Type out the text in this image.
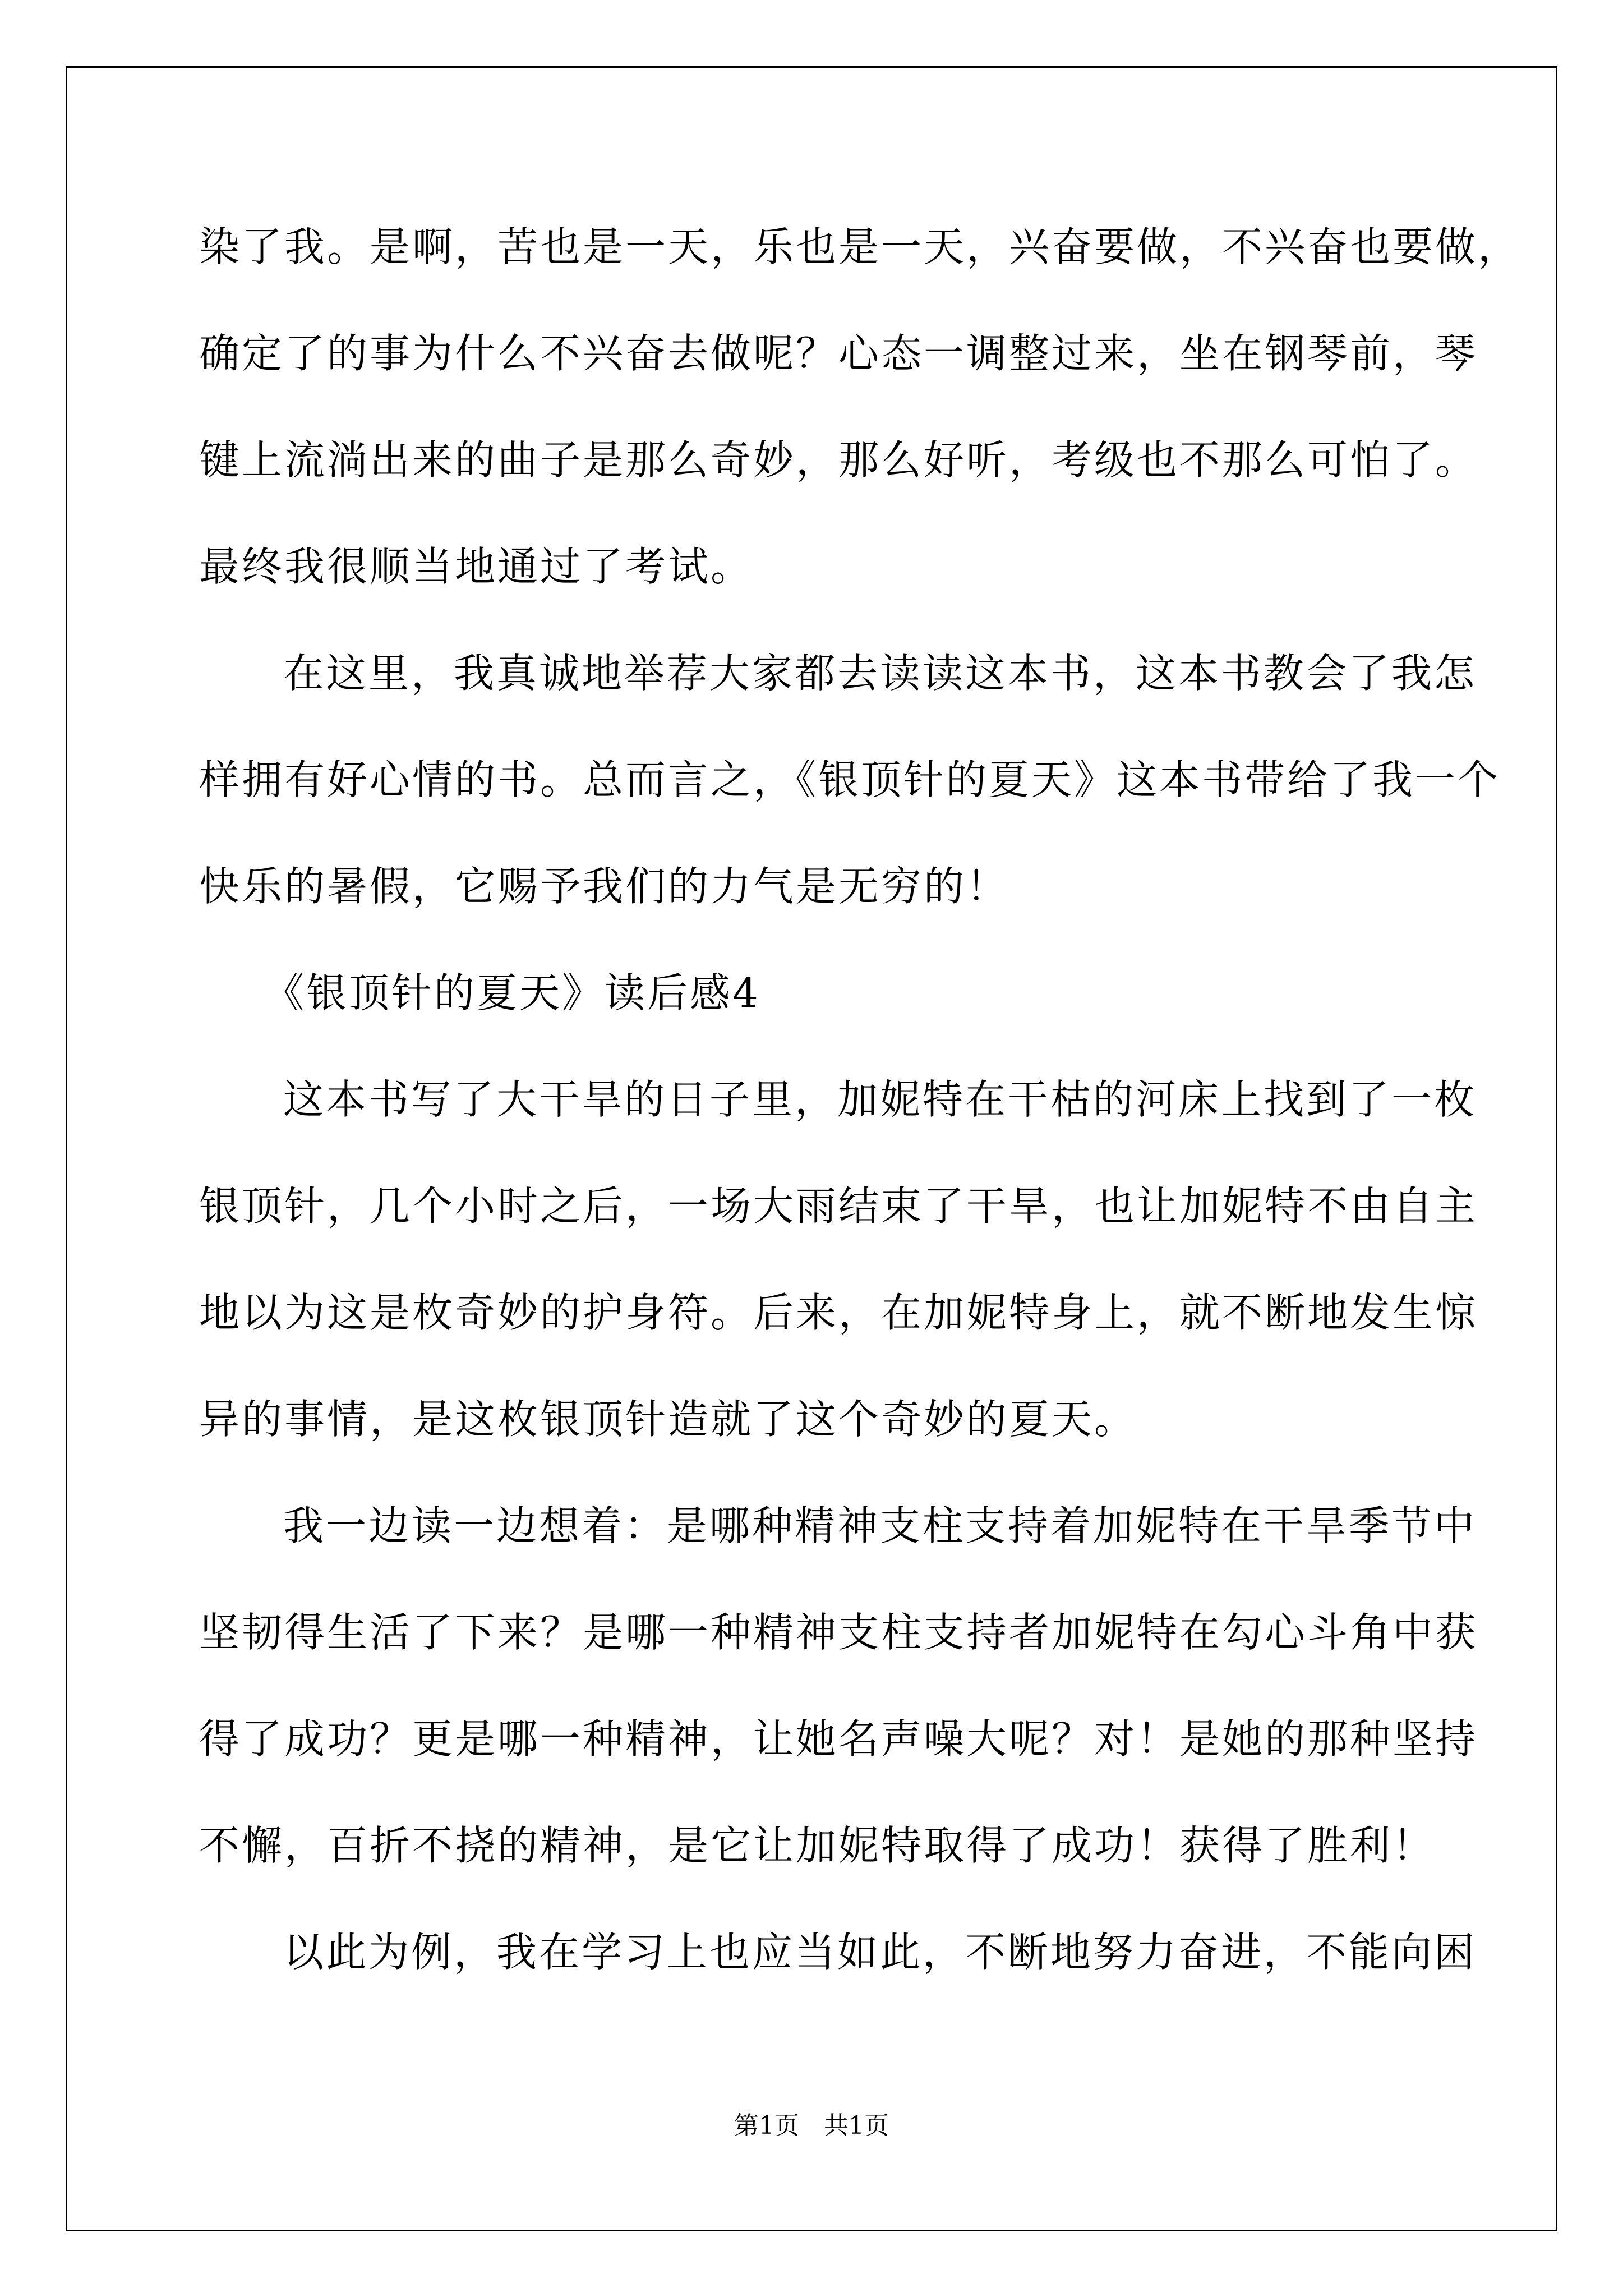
染了我。是啊，苦也是一天，乐也是一天，兴奋要做，不兴奋也要做，
确定了的事为什么不兴奋去做呢？心态一调整过来，坐在钢琴前，琴
键上流淌出来的曲子是那么奇妙，那么好听，考级也不那么可怕了。
最终我很顺当地通过了考试。
在这里，我真诚地举荐大家都去读读这本书，这本书教会了我怎
样拥有好心情的书。总而言之，《银顶针的夏天》这本书带给了我一个
快乐的暑假，它赐予我们的力气是无穷的！
《银顶针的夏天》读后感4
这本书写了大干旱的日子里，加妮特在干枯的河床上找到了一枚
银顶针，几个小时之后，一场大雨结束了干旱，也让加妮特不由自主
地以为这是枚奇妙的护身符。后来，在加妮特身上，就不断地发生惊
异的事情，是这枚银顶针造就了这个奇妙的夏天。
我一边读一边想着：是哪种精神支柱支持着加妮特在干旱季节中
坚韧得生活了下来？是哪一种精神支柱支持者加妮特在勾心斗角中获
得了成功？更是哪一种精神，让她名声噪大呢？对！是她的那种坚持
不懈，百折不挠的精神，是它让加妮特取得了成功！获得了胜利！
以此为例，我在学习上也应当如此，不断地努力奋进，不能向困
第1页　共1页
